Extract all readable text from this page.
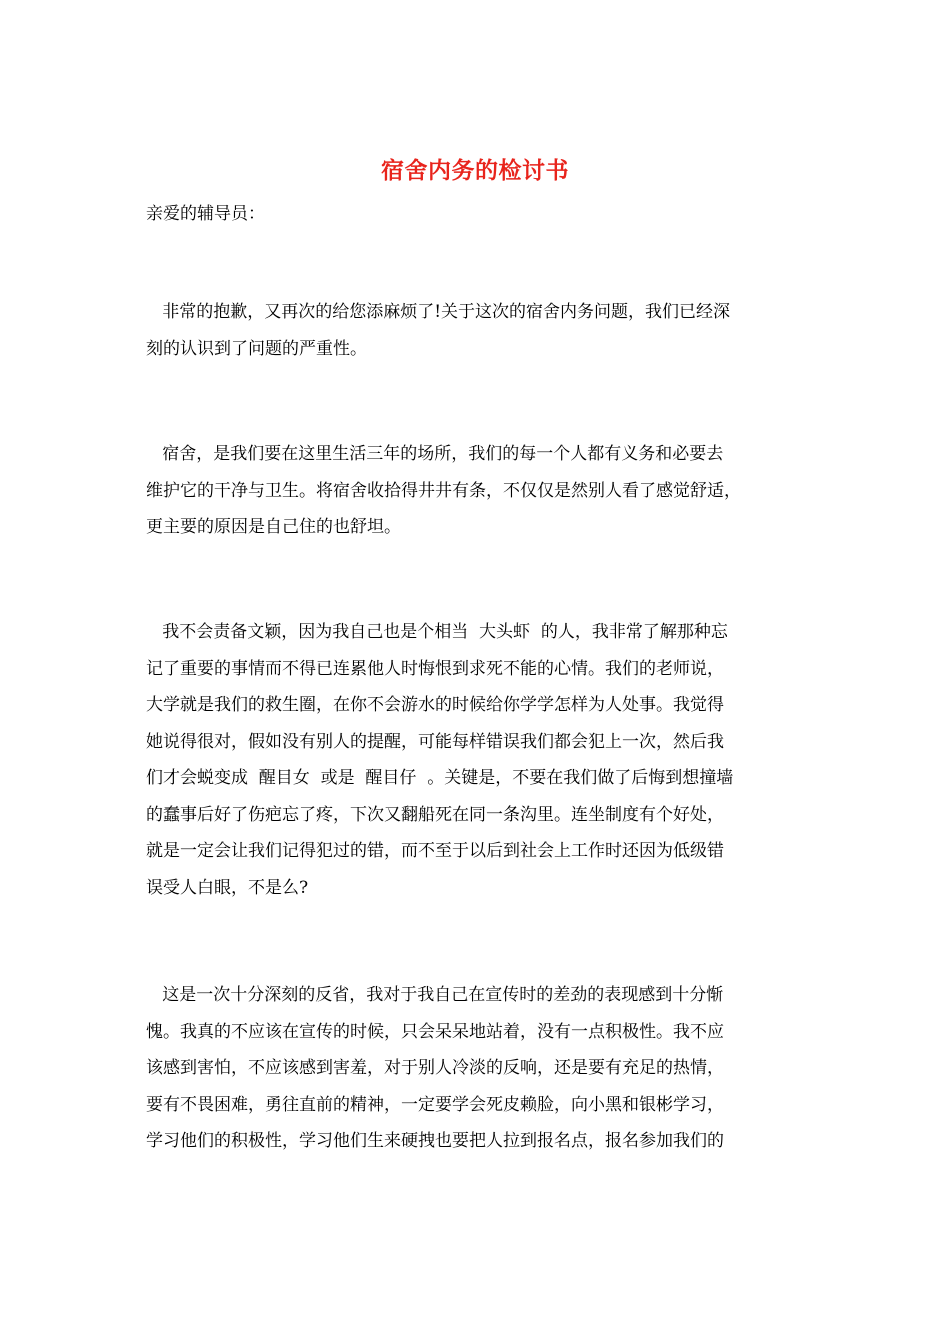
宿舍内务的检讨书
亲爱的辅导员：
非常的抱歉，又再次的给您添麻烦了!关于这次的宿舍内务问题，我们已经深
刻的认识到了问题的严重性。
宿舍，是我们要在这里生活三年的场所，我们的每一个人都有义务和必要去
维护它的干净与卫生。将宿舍收拾得井井有条，不仅仅是然别人看了感觉舒适，
更主要的原因是自己住的也舒坦。
我不会责备文颖，因为我自己也是个相当  大头虾  的人，我非常了解那种忘
记了重要的事情而不得已连累他人时悔恨到求死不能的心情。我们的老师说，
大学就是我们的救生圈，在你不会游水的时候给你学学怎样为人处事。我觉得
她说得很对，假如没有别人的提醒，可能每样错误我们都会犯上一次，然后我
们才会蜕变成  醒目女  或是  醒目仔  。关键是，不要在我们做了后悔到想撞墙
的蠢事后好了伤疤忘了疼，下次又翻船死在同一条沟里。连坐制度有个好处，
就是一定会让我们记得犯过的错，而不至于以后到社会上工作时还因为低级错
误受人白眼，不是么?
这是一次十分深刻的反省，我对于我自己在宣传时的差劲的表现感到十分惭
愧。我真的不应该在宣传的时候，只会呆呆地站着，没有一点积极性。我不应
该感到害怕，不应该感到害羞，对于别人冷淡的反响，还是要有充足的热情，
要有不畏困难，勇往直前的精神，一定要学会死皮赖脸，向小黑和银彬学习，
学习他们的积极性，学习他们生来硬拽也要把人拉到报名点，报名参加我们的
